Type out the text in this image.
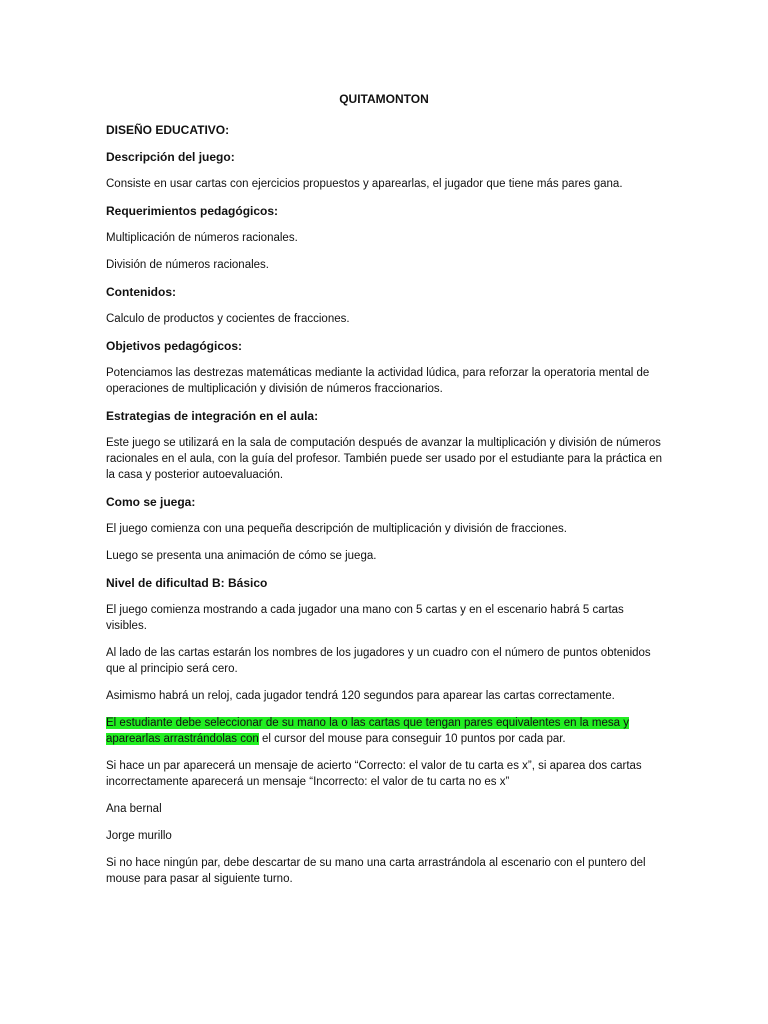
QUITAMONTON
DISEÑO EDUCATIVO:
Descripción del juego:

Consiste en usar cartas con ejercicios propuestos y aparearlas, el jugador que tiene más pares gana.

Requerimientos pedagógicos:

Multiplicación de números racionales.

División de números racionales.

Contenidos:

Calculo de productos y cocientes de fracciones.

Objetivos pedagógicos:

Potenciamos las destrezas matemáticas mediante la actividad lúdica, para reforzar la operatoria mental de operaciones de multiplicación y división de números fraccionarios.

Estrategias de integración en el aula:

Este juego se utilizará en la sala de computación después de avanzar la multiplicación y división de números racionales en el aula, con la guía del profesor. También puede ser usado por el estudiante para la práctica en la casa y posterior autoevaluación.

Como se juega:

El juego comienza con una pequeña descripción de multiplicación y división de fracciones.

Luego se presenta una animación de cómo se juega.

Nivel de dificultad B: Básico

El juego comienza mostrando a cada jugador una mano con 5 cartas y en el escenario habrá 5 cartas visibles.

Al lado de las cartas estarán los nombres de los jugadores y un cuadro con el número de puntos obtenidos que al principio será cero.

Asimismo habrá un reloj, cada jugador tendrá 120 segundos para aparear las cartas correctamente.

El estudiante debe seleccionar de su mano la o las cartas que tengan pares equivalentes en la mesa y aparearlas arrastrándolas con el cursor del mouse para conseguir 10 puntos por cada par.

Si hace un par aparecerá un mensaje de acierto “Correcto: el valor de tu carta es x”, si aparea dos cartas incorrectamente aparecerá un mensaje “Incorrecto: el valor de tu carta no es x”

Ana bernal

Jorge murillo

Si no hace ningún par, debe descartar de su mano una carta arrastrándola al escenario con el puntero del mouse para pasar al siguiente turno.
